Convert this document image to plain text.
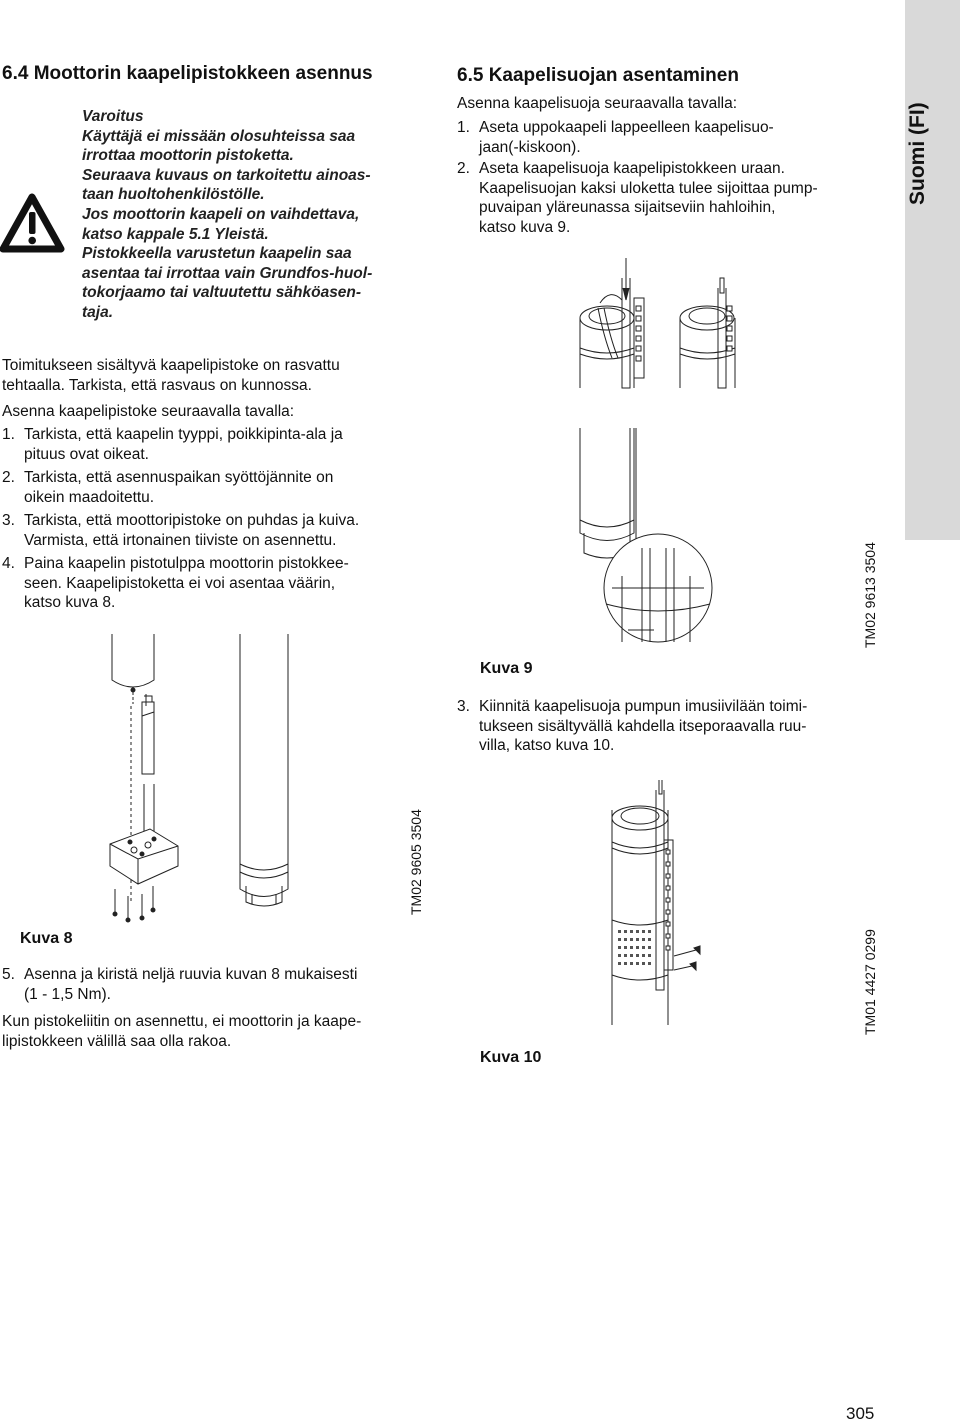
Suomi (FI)
6.4 Moottorin kaapelipistokkeen asennus

Varoitus

Käyttäjä ei missään olosuhteissa saa

irrottaa moottorin pistoketta.

Seuraava kuvaus on tarkoitettu ainoas-

taan huoltohenkilöstölle.

Jos moottorin kaapeli on vaihdettava,

katso kappale 5.1 Yleistä.

Pistokkeella varustetun kaapelin saa

asentaa tai irrottaa vain Grundfos-huol-

tokorjaamo tai valtuutettu sähköasen-

taja.

Toimitukseen sisältyvä kaapelipistoke on rasvattu

tehtaalla. Tarkista, että rasvaus on kunnossa.

Asenna kaapelipistoke seuraavalla tavalla:
1. Tarkista, että kaapelin tyyppi, poikkipinta-ala ja

pituus ovat oikeat.

2. Tarkista, että asennuspaikan syöttöjännite on

oikein maadoitettu.

3. Tarkista, että moottoripistoke on puhdas ja kuiva.

Varmista, että irtonainen tiiviste on asennettu.

4. Paina kaapelin pistotulppa moottorin pistokkee-

seen. Kaapelipistoketta ei voi asentaa väärin,

katso kuva 8.

Kuva 8
TM02 9605 3504
5. Asenna ja kiristä neljä ruuvia kuvan 8 mukaisesti

(1 - 1,5 Nm).

Kun pistokeliitin on asennettu, ei moottorin ja kaape-

lipistokkeen välillä saa olla rakoa.

6.5 Kaapelisuojan asentaminen
Asenna kaapelisuoja seuraavalla tavalla:
1. Aseta uppokaapeli lappeelleen kaapelisuo-

jaan(-kiskoon).

2. Aseta kaapelisuoja kaapelipistokkeen uraan.

Kaapelisuojan kaksi uloketta tulee sijoittaa pump-

puvaipan yläreunassa sijaitseviin hahloihin,

katso kuva 9.

Kuva 9
TM02 9613 3504
3. Kiinnitä kaapelisuoja pumpun imusiivilään toimi-

tukseen sisältyvällä kahdella itseporaavalla ruu-

villa, katso kuva 10.

Kuva 10
TM01 4427 0299
305
